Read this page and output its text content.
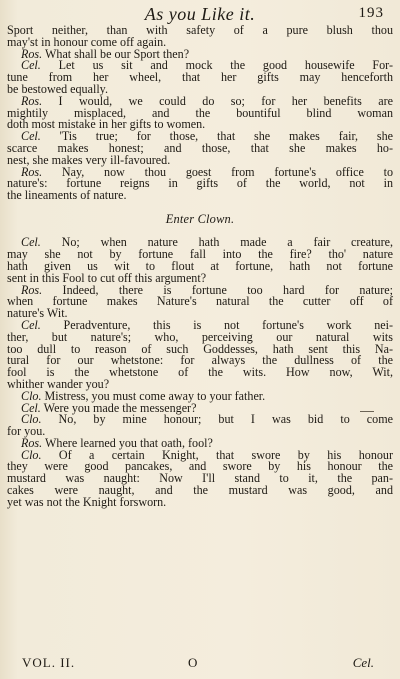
As you Like it.	193
Sport neither, than with safety of a pure blush thou
may'st in honour come off again.
Ros. What shall be our Sport then?
Cel. Let us sit and mock the good housewife For-
tune from her wheel, that her gifts may henceforth
be bestowed equally.
Ros. I would, we could do so; for her benefits are
mightily misplaced, and the bountiful blind woman
doth most mistake in her gifts to women.
Cel. 'Tis true; for those, that she makes fair, she
scarce makes honest; and those, that she makes ho-
nest, she makes very ill-favoured.
Ros. Nay, now thou goest from fortune's office to
nature's: fortune reigns in gifts of the world, not in
the lineaments of nature.
Enter Clown.
Cel. No; when nature hath made a fair creature,
may she not by fortune fall into the fire? tho' nature
hath given us wit to flout at fortune, hath not fortune
sent in this Fool to cut off this argument?
Ros. Indeed, there is fortune too hard for nature;
when fortune makes Nature's natural the cutter off of
nature's Wit.
Cel. Peradventure, this is not fortune's work nei-
ther, but nature's; who, perceiving our natural wits
too dull to reason of such Goddesses, hath sent this Na-
tural for our whetstone: for always the dullness of the
fool is the whetstone of the wits. How now, Wit,
whither wander you?
Clo. Mistress, you must come away to your father.
Cel. Were you made the messenger?
Clo. No, by mine honour; but I was bid to come
for you.
Ros. Where learned you that oath, fool?
Clo. Of a certain Knight, that swore by his honour
they were good pancakes, and swore by his honour the
mustard was naught: Now I'll stand to it, the pan-
cakes were naught, and the mustard was good, and
yet was not the Knight forsworn.
VOL. II.	O	Cel.
